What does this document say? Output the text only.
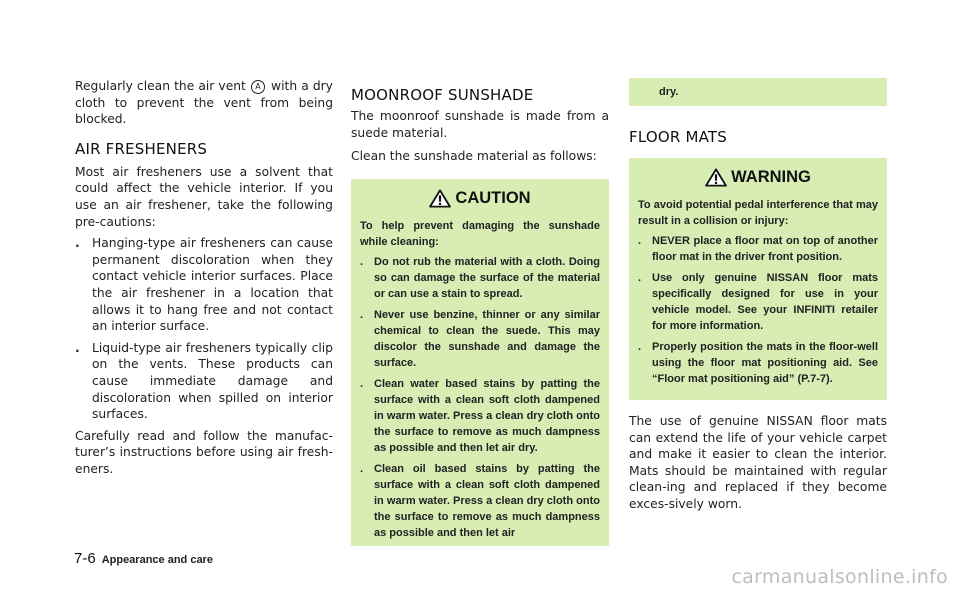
Regularly clean the air vent A with a dry cloth to prevent the vent from being blocked.

AIR FRESHENERS

Most air fresheners use a solvent that could affect the vehicle interior. If you use an air freshener, take the following pre-cautions:

. Hanging-type air fresheners can cause permanent discoloration when they contact vehicle interior surfaces. Place the air freshener in a location that allows it to hang free and not contact an interior surface.
. Liquid-type air fresheners typically clip on the vents. These products can cause immediate damage and discoloration when spilled on interior surfaces.

Carefully read and follow the manufac-turer’s instructions before using air fresh-eners.

MOONROOF SUNSHADE

The moonroof sunshade is made from a suede material.

Clean the sunshade material as follows:

CAUTION

To help prevent damaging the sunshade while cleaning:

. Do not rub the material with a cloth. Doing so can damage the surface of the material or can use a stain to spread.
. Never use benzine, thinner or any similar chemical to clean the suede. This may discolor the sunshade and damage the surface.
. Clean water based stains by patting the surface with a clean soft cloth dampened in warm water. Press a clean dry cloth onto the surface to remove as much dampness as possible and then let air dry.
. Clean oil based stains by patting the surface with a clean soft cloth dampened in warm water. Press a clean dry cloth onto the surface to remove as much dampness as possible and then let air

dry.

FLOOR MATS
WARNING

To avoid potential pedal interference that may result in a collision or injury:

. NEVER place a floor mat on top of another floor mat in the driver front position.
. Use only genuine NISSAN floor mats specifically designed for use in your vehicle model. See your INFINITI retailer for more information.
. Properly position the mats in the floor-well using the floor mat positioning aid. See “Floor mat positioning aid” (P.7-7).

The use of genuine NISSAN floor mats can extend the life of your vehicle carpet and make it easier to clean the interior. Mats should be maintained with regular clean-ing and replaced if they become exces-sively worn.

7-6 Appearance and care
carmanualsonline.info
